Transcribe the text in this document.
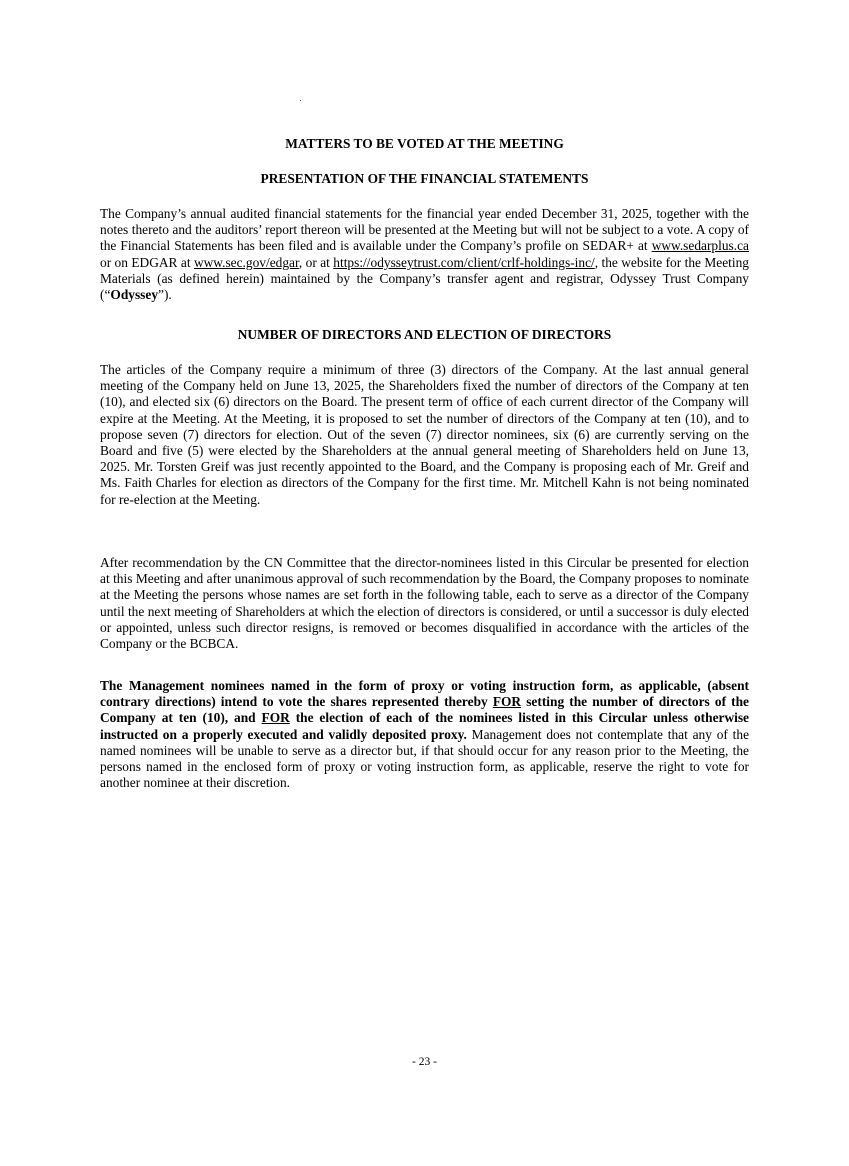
MATTERS TO BE VOTED AT THE MEETING
PRESENTATION OF THE FINANCIAL STATEMENTS

The Company’s annual audited financial statements for the financial year ended December 31, 2025, together with the notes thereto and the auditors’ report thereon will be presented at the Meeting but will not be subject to a vote. A copy of the Financial Statements has been filed and is available under the Company’s profile on SEDAR+ at www.sedarplus.ca or on EDGAR at www.sec.gov/edgar, or at https://odysseytrust.com/client/crlf-holdings-inc/, the website for the Meeting Materials (as defined herein) maintained by the Company’s transfer agent and registrar, Odyssey Trust Company (“Odyssey”).

NUMBER OF DIRECTORS AND ELECTION OF DIRECTORS

The articles of the Company require a minimum of three (3) directors of the Company. At the last annual general meeting of the Company held on June 13, 2025, the Shareholders fixed the number of directors of the Company at ten (10), and elected six (6) directors on the Board. The present term of office of each current director of the Company will expire at the Meeting. At the Meeting, it is proposed to set the number of directors of the Company at ten (10), and to propose seven (7) directors for election. Out of the seven (7) director nominees, six (6) are currently serving on the Board and five (5) were elected by the Shareholders at the annual general meeting of Shareholders held on June 13, 2025. Mr. Torsten Greif was just recently appointed to the Board, and the Company is proposing each of Mr. Greif and Ms. Faith Charles for election as directors of the Company for the first time. Mr. Mitchell Kahn is not being nominated for re-election at the Meeting.

After recommendation by the CN Committee that the director-nominees listed in this Circular be presented for election at this Meeting and after unanimous approval of such recommendation by the Board, the Company proposes to nominate at the Meeting the persons whose names are set forth in the following table, each to serve as a director of the Company until the next meeting of Shareholders at which the election of directors is considered, or until a successor is duly elected or appointed, unless such director resigns, is removed or becomes disqualified in accordance with the articles of the Company or the BCBCA.

The Management nominees named in the form of proxy or voting instruction form, as applicable, (absent contrary directions) intend to vote the shares represented thereby FOR setting the number of directors of the Company at ten (10), and FOR the election of each of the nominees listed in this Circular unless otherwise instructed on a properly executed and validly deposited proxy. Management does not contemplate that any of the named nominees will be unable to serve as a director but, if that should occur for any reason prior to the Meeting, the persons named in the enclosed form of proxy or voting instruction form, as applicable, reserve the right to vote for another nominee at their discretion.

- 23 -
